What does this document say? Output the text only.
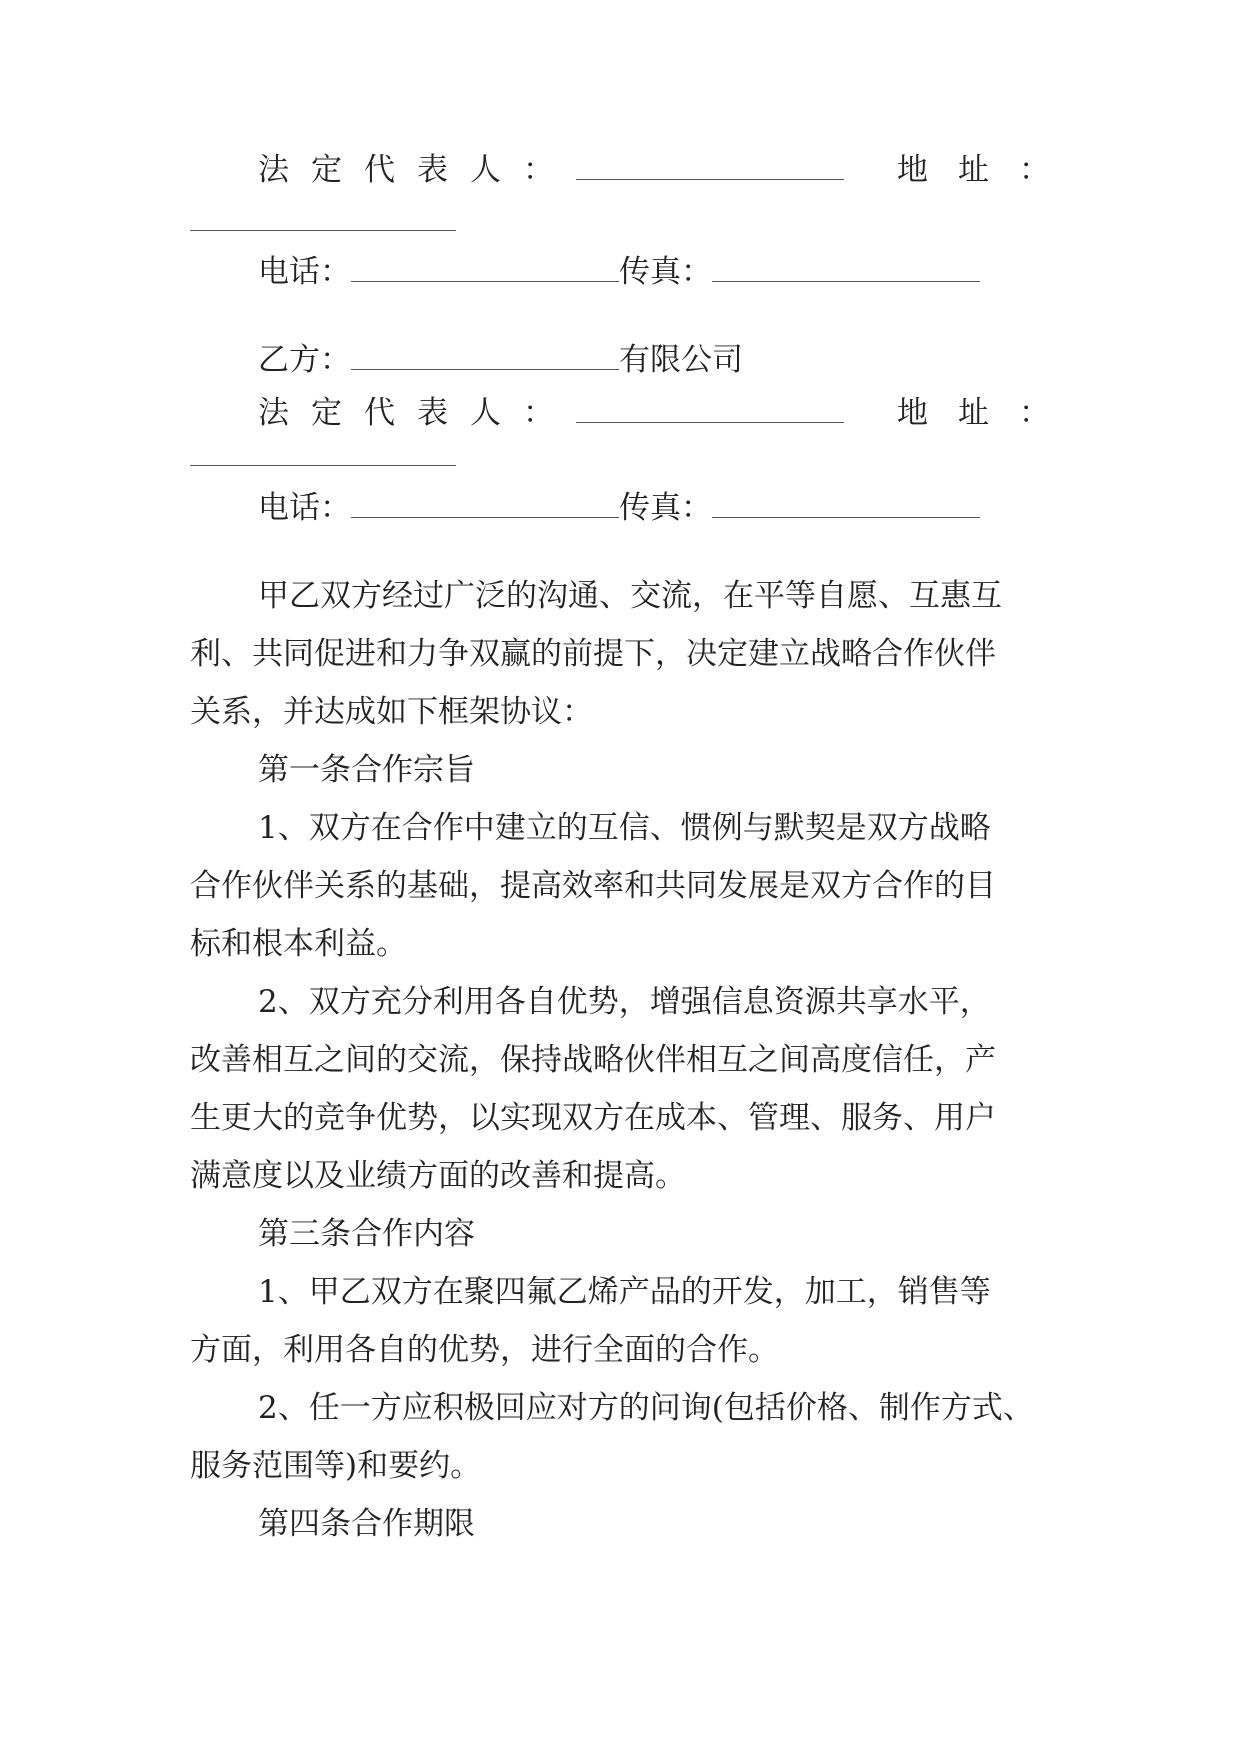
法定代表人：	地址：
电话：	传真：
乙方：	有限公司
法定代表人：	地址：
电话：	传真：
甲乙双方经过广泛的沟通、交流，在平等自愿、互惠互
利、共同促进和力争双赢的前提下，决定建立战略合作伙伴
关系，并达成如下框架协议：
第一条合作宗旨
1、双方在合作中建立的互信、惯例与默契是双方战略
合作伙伴关系的基础，提高效率和共同发展是双方合作的目
标和根本利益。
2、双方充分利用各自优势，增强信息资源共享水平，
改善相互之间的交流，保持战略伙伴相互之间高度信任，产
生更大的竞争优势，以实现双方在成本、管理、服务、用户
满意度以及业绩方面的改善和提高。
第三条合作内容
1、甲乙双方在聚四氟乙烯产品的开发，加工，销售等
方面，利用各自的优势，进行全面的合作。
2、任一方应积极回应对方的问询(包括价格、制作方式、
服务范围等)和要约。
第四条合作期限
